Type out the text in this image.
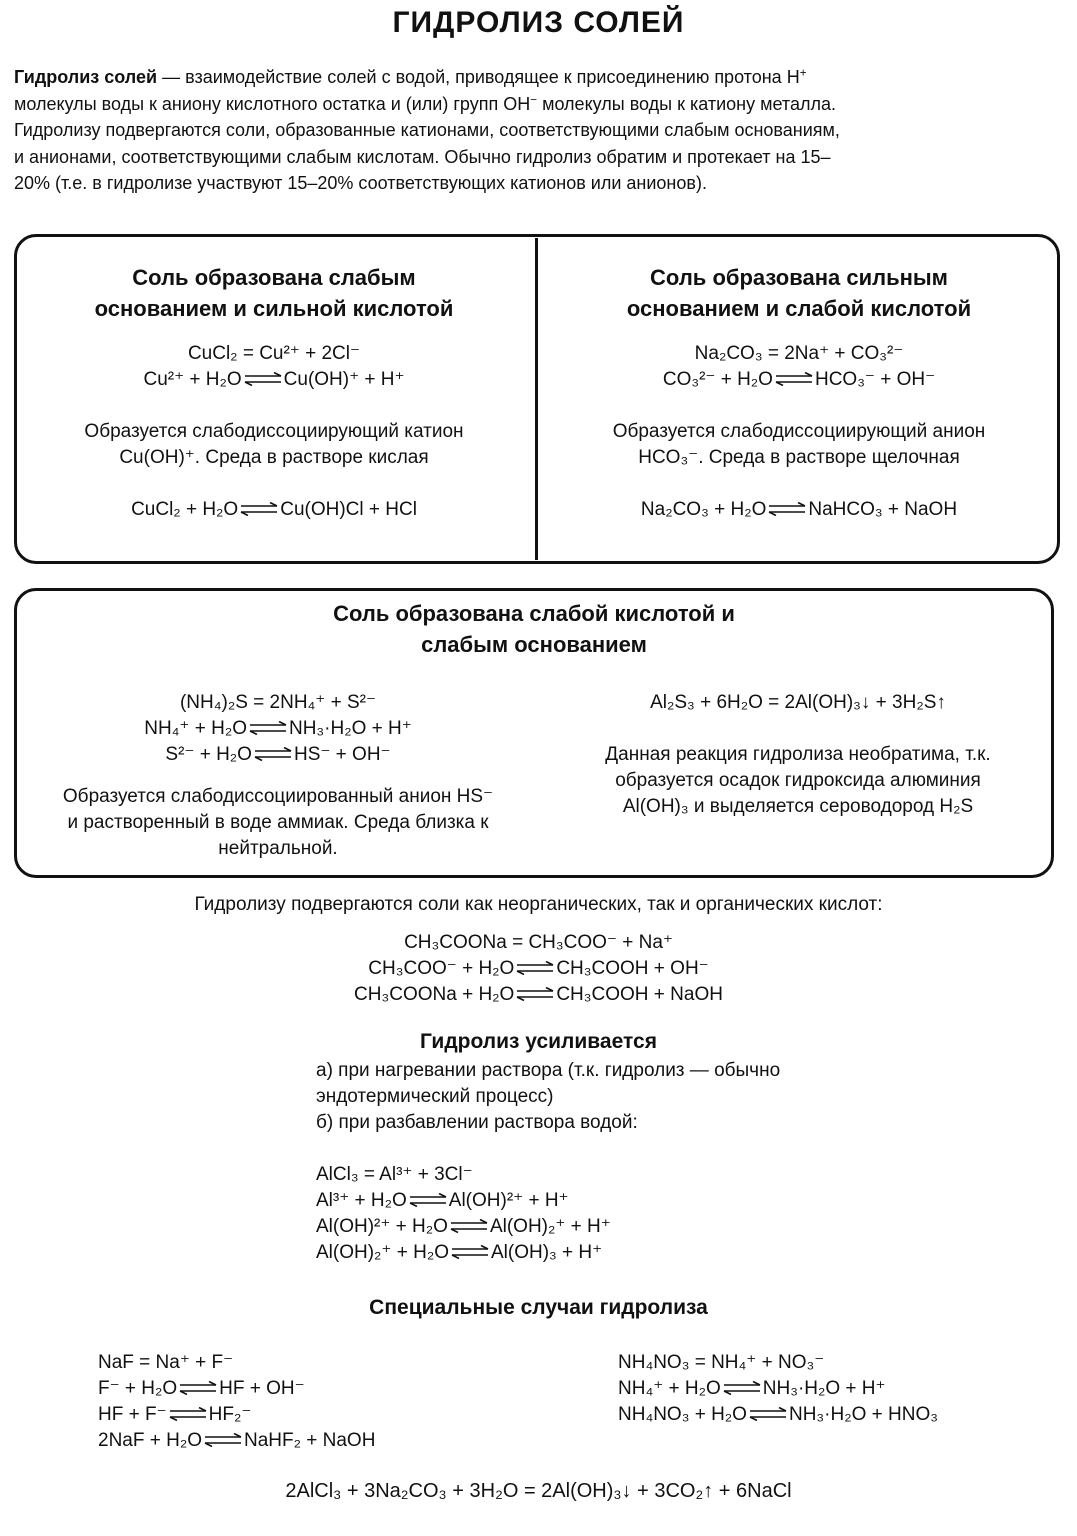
ГИДРОЛИЗ СОЛЕЙ
Гидролиз солей — взаимодействие солей с водой, приводящее к присоединению протона H+
молекулы воды к аниону кислотного остатка и (или) групп OH− молекулы воды к катиону металла.
Гидролизу подвергаются соли, образованные катионами, соответствующими слабым основаниям,
и анионами, соответствующими слабым кислотам. Обычно гидролиз обратим и протекает на 15–
20% (т.е. в гидролизе участвуют 15–20% соответствующих катионов или анионов).
Соль образована слабым
основанием и сильной кислотой
CuCl₂ = Cu²⁺ + 2Cl⁻
Cu²⁺ + H₂O Cu(OH)⁺ + H⁺
Образуется слабодиссоциирующий катион
Cu(OH)⁺. Среда в растворе кислая
CuCl₂ + H₂O Cu(OH)Cl + HCl
Соль образована сильным
основанием и слабой кислотой
Na₂CO₃ = 2Na⁺ + CO₃²⁻
CO₃²⁻ + H₂O HCO₃⁻ + OH⁻
Образуется слабодиссоциирующий анион
HCO₃⁻. Среда в растворе щелочная
Na₂CO₃ + H₂O NaHCO₃ + NaOH
Соль образована слабой кислотой и
слабым основанием
(NH₄)₂S = 2NH₄⁺ + S²⁻
NH₄⁺ + H₂O NH₃·H₂O + H⁺
S²⁻ + H₂O HS⁻ + OH⁻
Образуется слабодиссоциированный анион HS⁻
и растворенный в воде аммиак. Среда близка к
нейтральной.
Al₂S₃ + 6H₂O = 2Al(OH)₃↓ + 3H₂S↑
Данная реакция гидролиза необратима, т.к.
образуется осадок гидроксида алюминия
Al(OH)₃ и выделяется сероводород H₂S
Гидролизу подвергаются соли как неорганических, так и органических кислот:
CH₃COONa = CH₃COO⁻ + Na⁺
CH₃COO⁻ + H₂O CH₃COOH + OH⁻
CH₃COONa + H₂O CH₃COOH + NaOH
Гидролиз усиливается
а) при нагревании раствора (т.к. гидролиз — обычно
эндотермический процесс)
б) при разбавлении раствора водой:
AlCl₃ = Al³⁺ + 3Cl⁻
Al³⁺ + H₂O Al(OH)²⁺ + H⁺
Al(OH)²⁺ + H₂O Al(OH)₂⁺ + H⁺
Al(OH)₂⁺ + H₂O Al(OH)₃ + H⁺
Специальные случаи гидролиза
NaF = Na⁺ + F⁻
F⁻ + H₂O HF + OH⁻
HF + F⁻ HF₂⁻
2NaF + H₂O NaHF₂ + NaOH
NH₄NO₃ = NH₄⁺ + NO₃⁻
NH₄⁺ + H₂O NH₃·H₂O + H⁺
NH₄NO₃ + H₂O NH₃·H₂O + HNO₃
2AlCl₃ + 3Na₂CO₃ + 3H₂O = 2Al(OH)₃↓ + 3CO₂↑ + 6NaCl
